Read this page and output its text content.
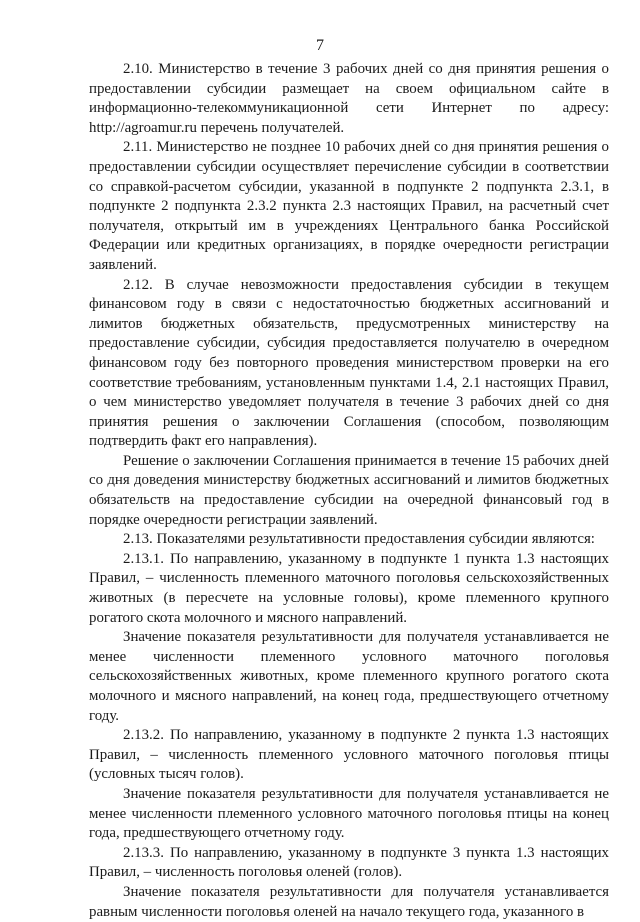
7

2.10. Министерство в течение 3 рабочих дней со дня принятия решения о предоставлении субсидии размещает на своем официальном сайте в информационно-телекоммуникационной сети Интернет по адресу: http://agroamur.ru перечень получателей.

2.11. Министерство не позднее 10 рабочих дней со дня принятия решения о предоставлении субсидии осуществляет перечисление субсидии в соответствии со справкой-расчетом субсидии, указанной в подпункте 2 подпункта 2.3.1, в подпункте 2 подпункта 2.3.2 пункта 2.3 настоящих Правил, на расчетный счет получателя, открытый им в учреждениях Центрального банка Российской Федерации или кредитных организациях, в порядке очередности регистрации заявлений.

2.12. В случае невозможности предоставления субсидии в текущем финансовом году в связи с недостаточностью бюджетных ассигнований и лимитов бюджетных обязательств, предусмотренных министерству на предоставление субсидии, субсидия предоставляется получателю в очередном финансовом году без повторного проведения министерством проверки на его соответствие требованиям, установленным пунктами 1.4, 2.1 настоящих Правил, о чем министерство уведомляет получателя в течение 3 рабочих дней со дня принятия решения о заключении Соглашения (способом, позволяющим подтвердить факт его направления).

Решение о заключении Соглашения принимается в течение 15 рабочих дней со дня доведения министерству бюджетных ассигнований и лимитов бюджетных обязательств на предоставление субсидии на очередной финансовый год в порядке очередности регистрации заявлений.

2.13. Показателями результативности предоставления субсидии являются:

2.13.1. По направлению, указанному в подпункте 1 пункта 1.3 настоящих Правил, – численность племенного маточного поголовья сельскохозяйственных животных (в пересчете на условные головы), кроме племенного крупного рогатого скота молочного и мясного направлений.

Значение показателя результативности для получателя устанавливается не менее численности племенного условного маточного поголовья сельскохозяйственных животных, кроме племенного крупного рогатого скота молочного и мясного направлений, на конец года, предшествующего отчетному году.

2.13.2. По направлению, указанному в подпункте 2 пункта 1.3 настоящих Правил, – численность племенного условного маточного поголовья птицы (условных тысяч голов).

Значение показателя результативности для получателя устанавливается не менее численности племенного условного маточного поголовья птицы на конец года, предшествующего отчетному году.

2.13.3. По направлению, указанному в подпункте 3 пункта 1.3 настоящих Правил, – численность поголовья оленей (голов).

Значение показателя результативности для получателя устанавливается равным численности поголовья оленей на начало текущего года, указанного в
